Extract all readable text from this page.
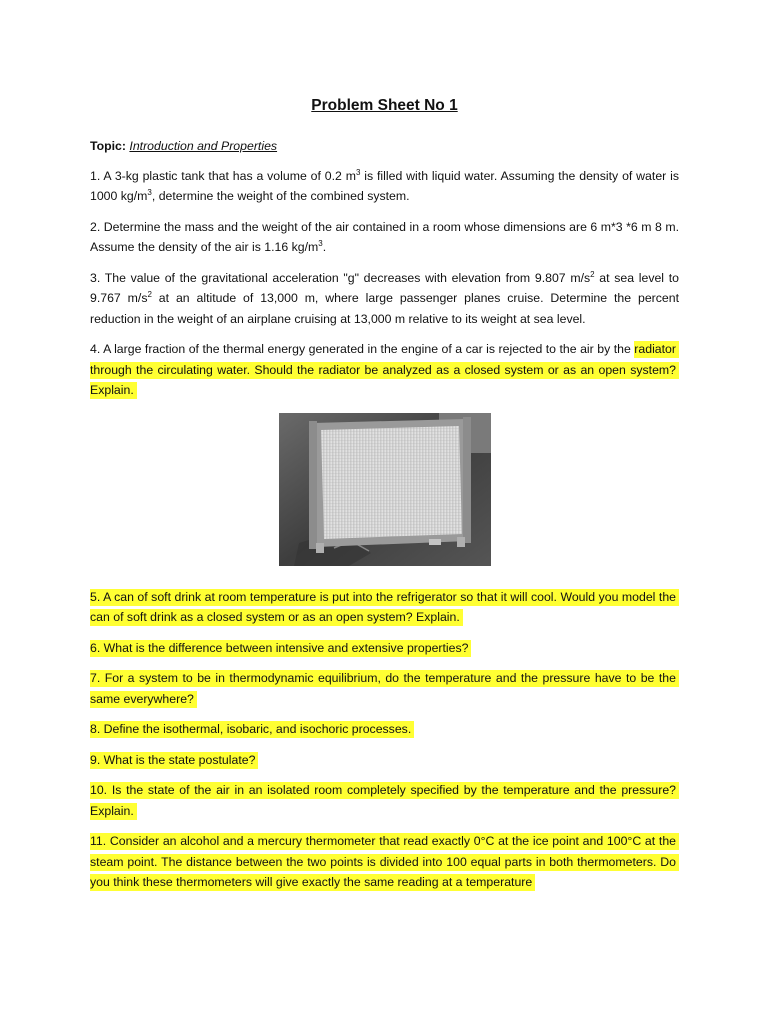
Problem Sheet No 1
Topic: Introduction and Properties

1. A 3-kg plastic tank that has a volume of 0.2 $m^3$ is filled with liquid water. Assuming the density of water is 1000 $kg/m^3$, determine the weight of the combined system.

2. Determine the mass and the weight of the air contained in a room whose dimensions are 6 m*3 *6 m 8 m. Assume the density of the air is 1.16 $kg/m^3$.

3. The value of the gravitational acceleration "g" decreases with elevation from 9.807 $m/s^2$ at sea level to 9.767 $m/s^2$ at an altitude of 13,000 m, where large passenger planes cruise. Determine the percent reduction in the weight of an airplane cruising at 13,000 m relative to its weight at sea level.

4. A large fraction of the thermal energy generated in the engine of a car is rejected to the air by the radiator through the circulating water. Should the radiator be analyzed as a closed system or as an open system? Explain.

5. A can of soft drink at room temperature is put into the refrigerator so that it will cool. Would you model the can of soft drink as a closed system or as an open system? Explain.

6. What is the difference between intensive and extensive properties?

7. For a system to be in thermodynamic equilibrium, do the temperature and the pressure have to be the same everywhere?

8. Define the isothermal, isobaric, and isochoric processes.

9. What is the state postulate?

10. Is the state of the air in an isolated room completely specified by the temperature and the pressure? Explain.

11. Consider an alcohol and a mercury thermometer that read exactly 0°C at the ice point and 100°C at the steam point. The distance between the two points is divided into 100 equal parts in both thermometers. Do you think these thermometers will give exactly the same reading at a temperature
